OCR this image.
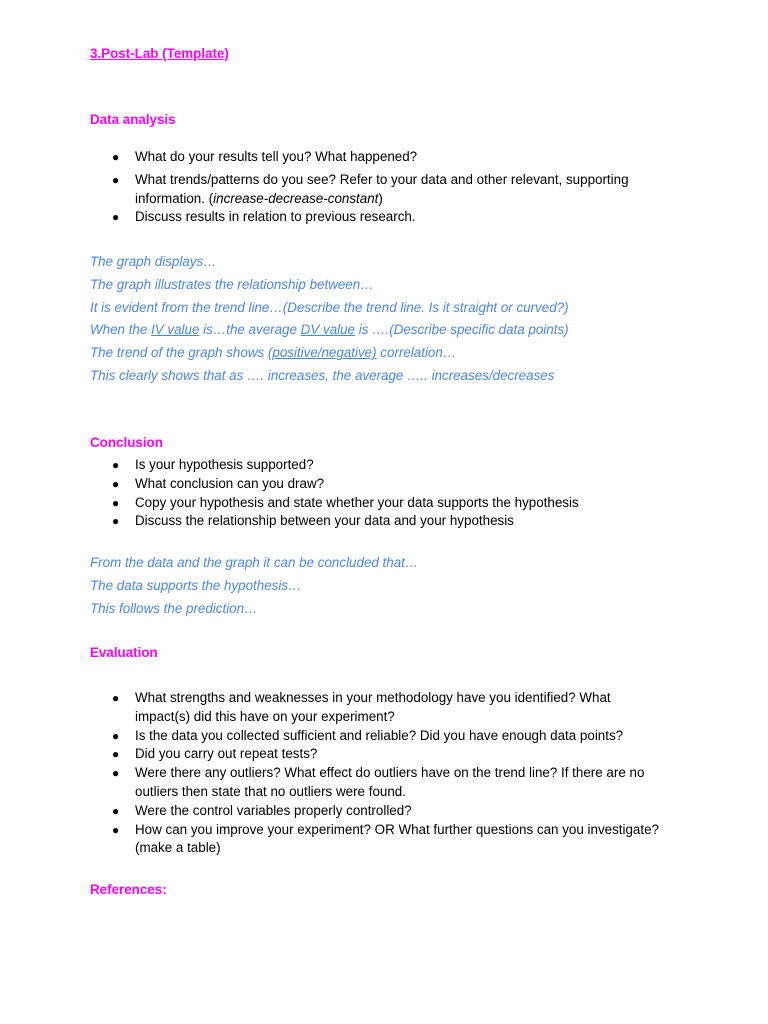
3.Post-Lab (Template)
Data analysis
● What do your results tell you? What happened?
● What trends/patterns do you see? Refer to your data and other relevant, supporting
information. (increase-decrease-constant)
● Discuss results in relation to previous research.
The graph displays…
The graph illustrates the relationship between…
It is evident from the trend line…(Describe the trend line. Is it straight or curved?)
When the IV value is…the average DV value is ….(Describe specific data points)
The trend of the graph shows (positive/negative) correlation…
This clearly shows that as …. increases, the average ….. increases/decreases
Conclusion
● Is your hypothesis supported?
● What conclusion can you draw?
● Copy your hypothesis and state whether your data supports the hypothesis
● Discuss the relationship between your data and your hypothesis
From the data and the graph it can be concluded that…
The data supports the hypothesis…
This follows the prediction…
Evaluation
● What strengths and weaknesses in your methodology have you identified? What
impact(s) did this have on your experiment?
● Is the data you collected sufficient and reliable? Did you have enough data points?
● Did you carry out repeat tests?
● Were there any outliers? What effect do outliers have on the trend line? If there are no
outliers then state that no outliers were found.
● Were the control variables properly controlled?
● How can you improve your experiment? OR What further questions can you investigate?
(make a table)
References:
